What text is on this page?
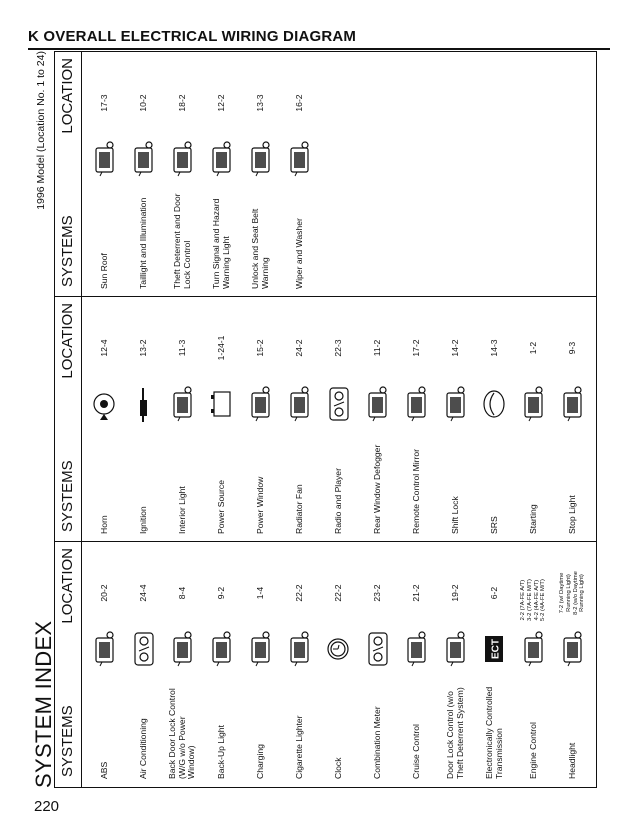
K OVERALL ELECTRICAL WIRING DIAGRAM
SYSTEM INDEX
1996 Model (Location No. 1 to 24)
SYSTEMS
LOCATION
ABS
20-2
Air Conditioning
24-4
Back Door Lock Control (W/G w/o Power Window)
8-4
Back-Up Light
9-2
Charging
1-4
Cigarette Lighter
22-2
Clock
22-2
Combination Meter
23-2
Cruise Control
21-2
Door Lock Control (w/o Theft Deterrent System)
19-2
Electronically Controlled Transmission
ECT
6-2
Engine Control
2-2 (7A-FE A/T) 3-2 (7A-FE M/T) 4-2 (4A-FE A/T) 5-2 (4A-FE M/T)
Headlight
7-2 (w/ Daytime Running Light) 8-2 (w/o Daytime Running Light)
SYSTEMS
LOCATION
Horn
12-4
Ignition
13-2
Interior Light
11-3
Power Source
1-24-1
Power Window
15-2
Radiator Fan
24-2
Radio and Player
22-3
Rear Window Defogger
11-2
Remote Control Mirror
17-2
Shift Lock
14-2
SRS
14-3
Starting
1-2
Stop Light
9-3
SYSTEMS
LOCATION
Sun Roof
17-3
Taillight and Illumination
10-2
Theft Deterrent and Door Lock Control
18-2
Turn Signal and Hazard Warning Light
12-2
Unlock and Seat Belt Warning
13-3
Wiper and Washer
16-2
220
